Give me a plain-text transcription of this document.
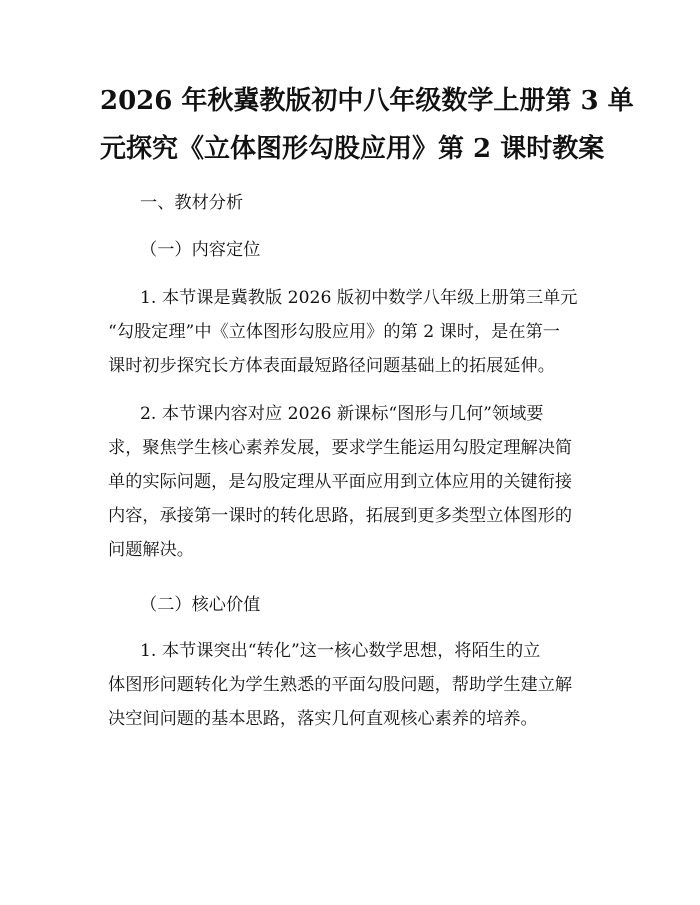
2026 年秋冀教版初中八年级数学上册第 3 单
元探究《立体图形勾股应用》第 2 课时教案
一、教材分析
（一）内容定位
1. 本节课是冀教版 2026 版初中数学八年级上册第三单元
“勾股定理”中《立体图形勾股应用》的第 2 课时，是在第一
课时初步探究长方体表面最短路径问题基础上的拓展延伸。
2. 本节课内容对应 2026 新课标“图形与几何”领域要
求，聚焦学生核心素养发展，要求学生能运用勾股定理解决简
单的实际问题，是勾股定理从平面应用到立体应用的关键衔接
内容，承接第一课时的转化思路，拓展到更多类型立体图形的
问题解决。
（二）核心价值
1. 本节课突出“转化”这一核心数学思想，将陌生的立
体图形问题转化为学生熟悉的平面勾股问题，帮助学生建立解
决空间问题的基本思路，落实几何直观核心素养的培养。
